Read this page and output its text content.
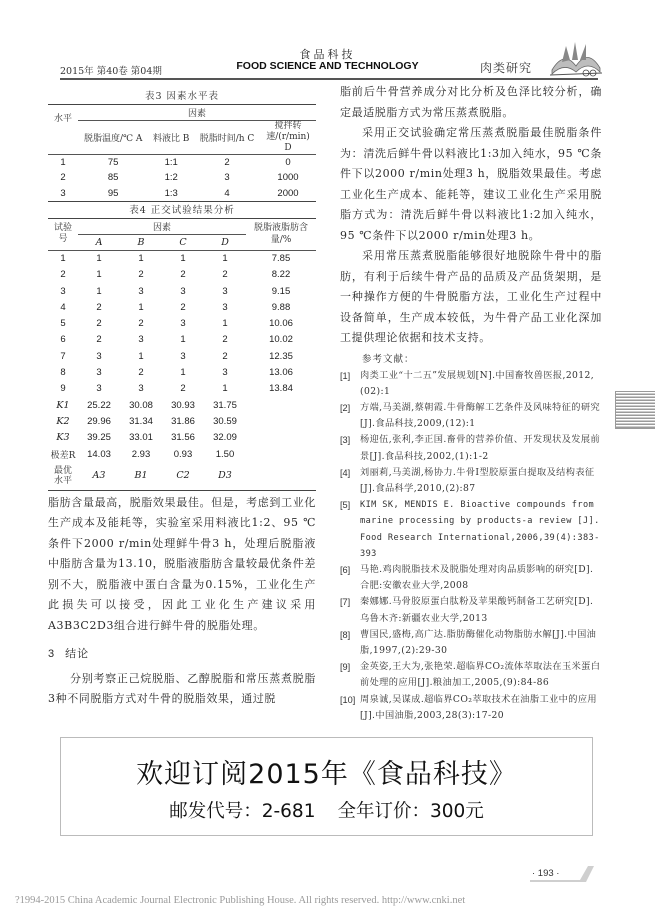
食品科技
2015年 第40卷 第04期	FOOD SCIENCE AND TECHNOLOGY	肉类研究
表3 因素水平表
水平	因素			
	脱脂温度/℃ A	料液比 B	脱脂时间/h C	搅拌转速/(r/min) D
1	75	1:1	2	0
2	85	1:2	3	1000
3	95	1:3	4	2000
表4 正交试验结果分析
试验号	因素				脱脂液脂肪含量/%
	A	B	C	D	
1	1	1	1	1	7.85
2	1	2	2	2	8.22
3	1	3	3	3	9.15
4	2	1	2	3	9.88
5	2	2	3	1	10.06
6	2	3	1	2	10.02
7	3	1	3	2	12.35
8	3	2	1	3	13.06
9	3	3	2	1	13.84
K1	25.22	30.08	30.93	31.75	
K2	29.96	31.34	31.86	30.59	
K3	39.25	33.01	31.56	32.09	
极差R	14.03	2.93	0.93	1.50	
最优水平	A3	B1	C2	D3	

脂肪含量最高，脱脂效果最佳。但是，考虑到工业化生产成本及能耗等，实验室采用料液比1:2、95 ℃条件下2000 r/min处理鲜牛骨3 h，处理后脱脂液中脂肪含量为13.10，脱脂液脂肪含量较最优条件差别不大，脱脂液中蛋白含量为0.15%，工业化生产此损失可以接受，因此工业化生产建议采用A3B3C2D3组合进行鲜牛骨的脱脂处理。

3 结论

分别考察正己烷脱脂、乙醇脱脂和常压蒸煮脱脂3种不同脱脂方式对牛骨的脱脂效果，通过脱

脂前后牛骨营养成分对比分析及色泽比较分析，确定最适脱脂方式为常压蒸煮脱脂。

采用正交试验确定常压蒸煮脱脂最佳脱脂条件为：清洗后鲜牛骨以料液比1:3加入纯水，95 ℃条件下以2000 r/min处理3 h，脱脂效果最佳。考虑工业化生产成本、能耗等，建议工业化生产采用脱脂方式为：清洗后鲜牛骨以料液比1:2加入纯水，95 ℃条件下以2000 r/min处理3 h。

采用常压蒸煮脱脂能够很好地脱除牛骨中的脂肪，有利于后续牛骨产品的品质及产品货架期，是一种操作方便的牛骨脱脂方法，工业化生产过程中设备简单，生产成本较低，为牛骨产品工业化深加工提供理论依据和技术支持。

参考文献：
[1]	肉类工业“十二五”发展规划[N].中国畜牧兽医报,2012,(02):1
[2]	方端,马美湖,蔡朝霞.牛骨酶解工艺条件及风味特征的研究[J].食品科技,2009,(12):1
[3]	杨迎伍,张利,李正国.畜骨的营养价值、开发现状及发展前景[J].食品科技,2002,(1):1-2
[4]	刘丽莉,马美湖,杨协力.牛骨Ⅰ型胶原蛋白提取及结构表征[J].食品科学,2010,(2):87
[5]	KIM SK, MENDIS E. Bioactive compounds from marine processing by products-a review [J]. Food Research International,2006,39(4):383-393
[6]	马艳.鸡肉脱脂技术及脱脂处理对肉品质影响的研究[D].合肥:安徽农业大学,2008
[7]	秦娜娜.马骨胶原蛋白肽粉及苹果酸钙制备工艺研究[D].乌鲁木齐:新疆农业大学,2013
[8]	曹国民,盛梅,高广达.脂肪酶催化动物脂肪水解[J].中国油脂,1997,(2):29-30
[9]	金英姿,王大为,张艳荣.超临界CO₂流体萃取法在玉米蛋白前处理的应用[J].粮油加工,2005,(9):84-86
[10] 周泉诚,吴谋成.超临界CO₂萃取技术在油脂工业中的应用[J].中国油脂,2003,28(3):17-20
欢迎订阅2015年《食品科技》
邮发代号：2-681 全年订价：300元
· 193 ·
?1994-2015 China Academic Journal Electronic Publishing House. All rights reserved. http://www.cnki.net
